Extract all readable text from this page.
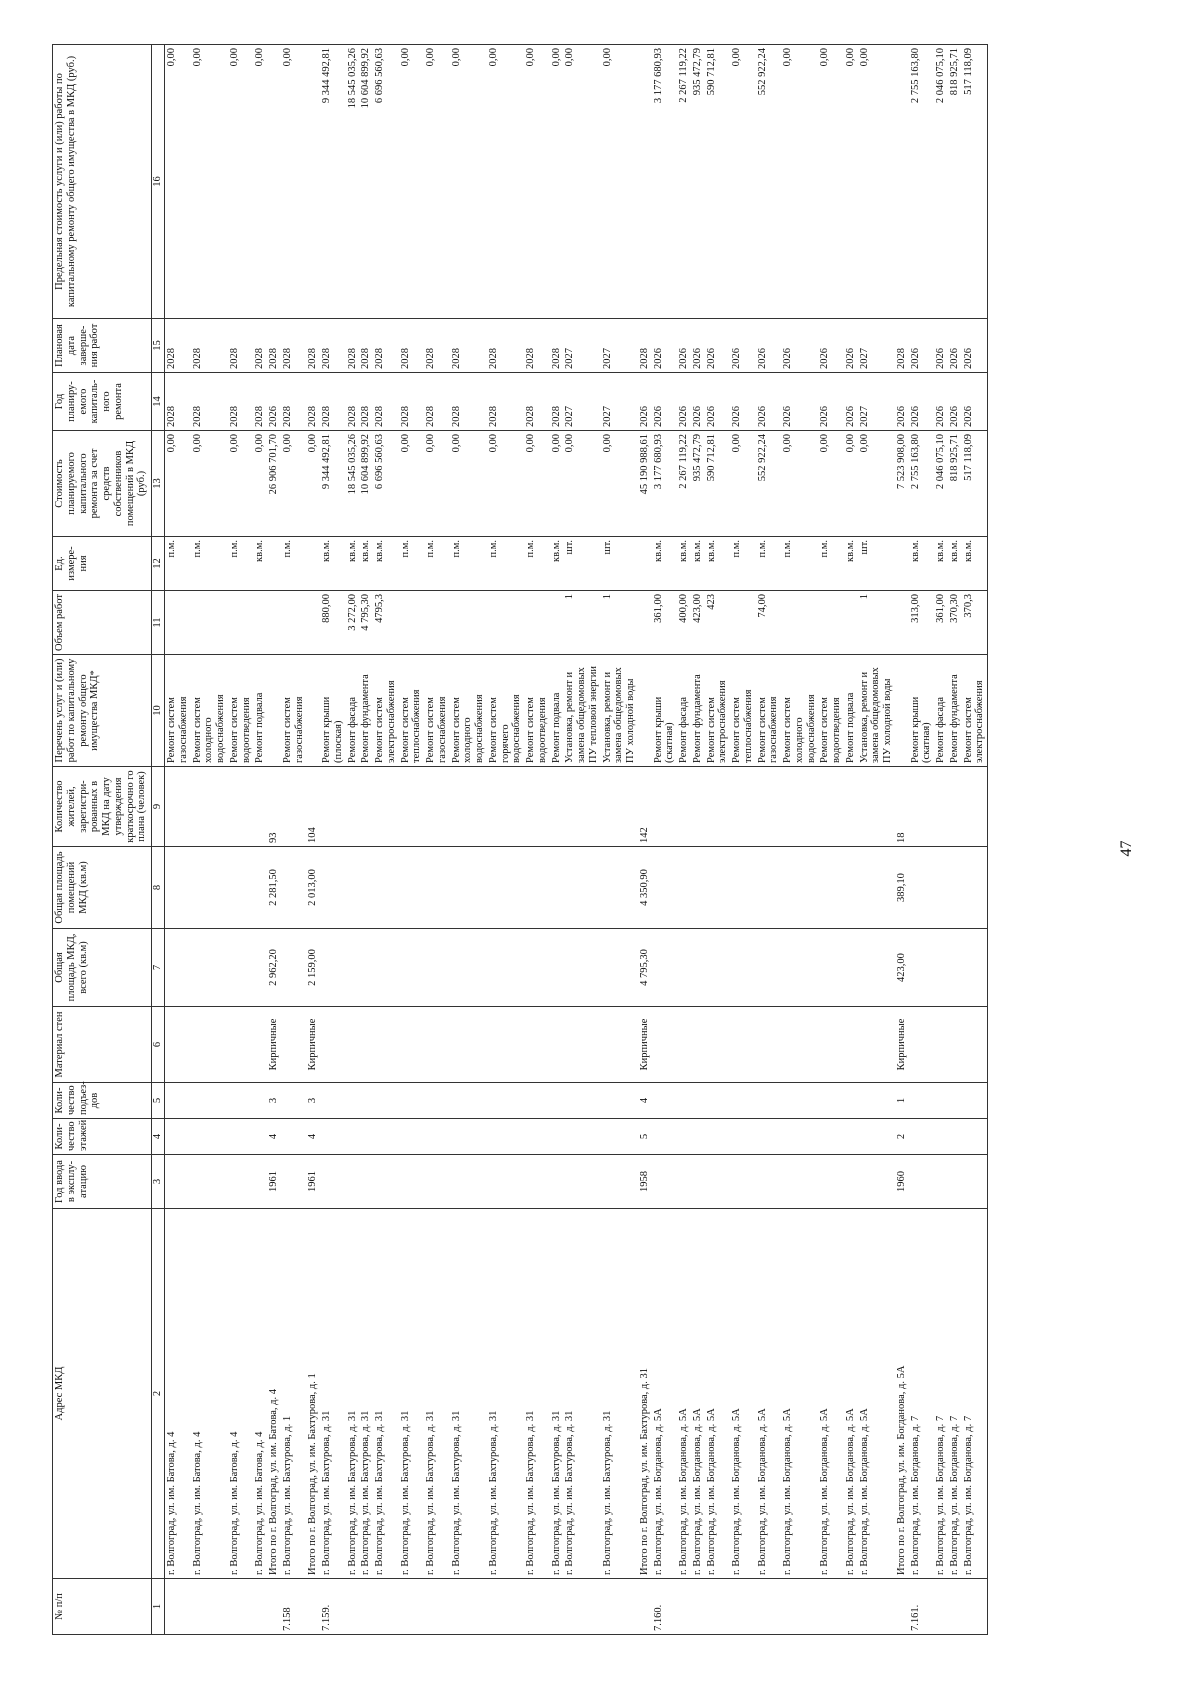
№ п/п	Адрес МКД	Год ввода в эксплу-атацию	Коли-чество этажей	Коли-чество подъез-дов	Материал стен	Общая площадь МКД, всего (кв.м)	Общая площадь помещений МКД (кв.м)	Количество жителей, зарегистри-рованных в МКД на дату утверждения краткосрочно го плана (человек)	Перечень услуг и (или) работ по капитальному ремонту общего имущества МКД*	Объем работ	Ед. измере-ния	Стоимость планируемого капитального ремонта за счет средств собственников помещений в МКД (руб.)	Год планиру-емого капиталь-ного ремонта	Плановая дата заверше-ния работ	Предельная стоимость услуги и (или) работы по капитальному ремонту общего имущества в МКД (руб.)
1	2	3	4	5	6	7	8	9	10	11	12	13	14	15	16
	г. Волгоград, ул. им. Батова, д. 4								Ремонт систем газоснабжения		п.м.	0,00	2028	2028	0,00
	г. Волгоград, ул. им. Батова, д. 4								Ремонт систем холодного водоснабжения		п.м.	0,00	2028	2028	0,00
	г. Волгоград, ул. им. Батова, д. 4								Ремонт систем водоотведения		п.м.	0,00	2028	2028	0,00
	г. Волгоград, ул. им. Батова, д. 4								Ремонт подвала		кв.м.	0,00	2028	2028	0,00
	Итого по г. Волгоград, ул. им. Батова, д. 4	1961	4	3	Кирпичные	2 962,20	2 281,50	93				26 906 701,70	2026	2028	
7.158	г. Волгоград, ул. им. Бахтурова, д. 1								Ремонт систем газоснабжения		п.м.	0,00	2028	2028	0,00
	Итого по г. Волгоград, ул. им. Бахтурова, д. 1	1961	4	3	Кирпичные	2 159,00	2 013,00	104				0,00	2028	2028	
7.159.	г. Волгоград, ул. им. Бахтурова, д. 31								Ремонт крыши (плоская)	880,00	кв.м.	9 344 492,81	2028	2028	9 344 492,81
	г. Волгоград, ул. им. Бахтурова, д. 31								Ремонт фасада	3 272,00	кв.м.	18 545 035,26	2028	2028	18 545 035,26
	г. Волгоград, ул. им. Бахтурова, д. 31								Ремонт фундамента	4 795,30	кв.м.	10 604 899,92	2028	2028	10 604 899,92
	г. Волгоград, ул. им. Бахтурова, д. 31								Ремонт систем электроснабжения	4795,3	кв.м.	6 696 560,63	2028	2028	6 696 560,63
	г. Волгоград, ул. им. Бахтурова, д. 31								Ремонт систем теплоснабжения		п.м.	0,00	2028	2028	0,00
	г. Волгоград, ул. им. Бахтурова, д. 31								Ремонт систем газоснабжения		п.м.	0,00	2028	2028	0,00
	г. Волгоград, ул. им. Бахтурова, д. 31								Ремонт систем холодного водоснабжения		п.м.	0,00	2028	2028	0,00
	г. Волгоград, ул. им. Бахтурова, д. 31								Ремонт систем горячего водоснабжения		п.м.	0,00	2028	2028	0,00
	г. Волгоград, ул. им. Бахтурова, д. 31								Ремонт систем водоотведения		п.м.	0,00	2028	2028	0,00
	г. Волгоград, ул. им. Бахтурова, д. 31								Ремонт подвала		кв.м.	0,00	2028	2028	0,00
	г. Волгоград, ул. им. Бахтурова, д. 31								Установка, ремонт и замена общедомовых ПУ тепловой энергии	1	шт.	0,00	2027	2027	0,00
	г. Волгоград, ул. им. Бахтурова, д. 31								Установка, ремонт и замена общедомовых ПУ холодной воды	1	шт.	0,00	2027	2027	0,00
	Итого по г. Волгоград, ул. им. Бахтурова, д. 31	1958	5	4	Кирпичные	4 795,30	4 350,90	142				45 190 988,61	2026	2028	
7.160.	г. Волгоград, ул. им. Богданова, д. 5А								Ремонт крыши (скатная)	361,00	кв.м.	3 177 680,93	2026	2026	3 177 680,93
	г. Волгоград, ул. им. Богданова, д. 5А								Ремонт фасада	400,00	кв.м.	2 267 119,22	2026	2026	2 267 119,22
	г. Волгоград, ул. им. Богданова, д. 5А								Ремонт фундамента	423,00	кв.м.	935 472,79	2026	2026	935 472,79
	г. Волгоград, ул. им. Богданова, д. 5А								Ремонт систем электроснабжения	423	кв.м.	590 712,81	2026	2026	590 712,81
	г. Волгоград, ул. им. Богданова, д. 5А								Ремонт систем теплоснабжения		п.м.	0,00	2026	2026	0,00
	г. Волгоград, ул. им. Богданова, д. 5А								Ремонт систем газоснабжения	74,00	п.м.	552 922,24	2026	2026	552 922,24
	г. Волгоград, ул. им. Богданова, д. 5А								Ремонт систем холодного водоснабжения		п.м.	0,00	2026	2026	0,00
	г. Волгоград, ул. им. Богданова, д. 5А								Ремонт систем водоотведения		п.м.	0,00	2026	2026	0,00
	г. Волгоград, ул. им. Богданова, д. 5А								Ремонт подвала		кв.м.	0,00	2026	2026	0,00
	г. Волгоград, ул. им. Богданова, д. 5А								Установка, ремонт и замена общедомовых ПУ холодной воды	1	шт.	0,00	2027	2027	0,00
	Итого по г. Волгоград, ул. им. Богданова, д. 5А	1960	2	1	Кирпичные	423,00	389,10	18				7 523 908,00	2026	2028	
7.161.	г. Волгоград, ул. им. Богданова, д. 7								Ремонт крыши (скатная)	313,00	кв.м.	2 755 163,80	2026	2026	2 755 163,80
	г. Волгоград, ул. им. Богданова, д. 7								Ремонт фасада	361,00	кв.м.	2 046 075,10	2026	2026	2 046 075,10
	г. Волгоград, ул. им. Богданова, д. 7								Ремонт фундамента	370,30	кв.м.	818 925,71	2026	2026	818 925,71
	г. Волгоград, ул. им. Богданова, д. 7								Ремонт систем электроснабжения	370,3	кв.м.	517 118,09	2026	2026	517 118,09
47
